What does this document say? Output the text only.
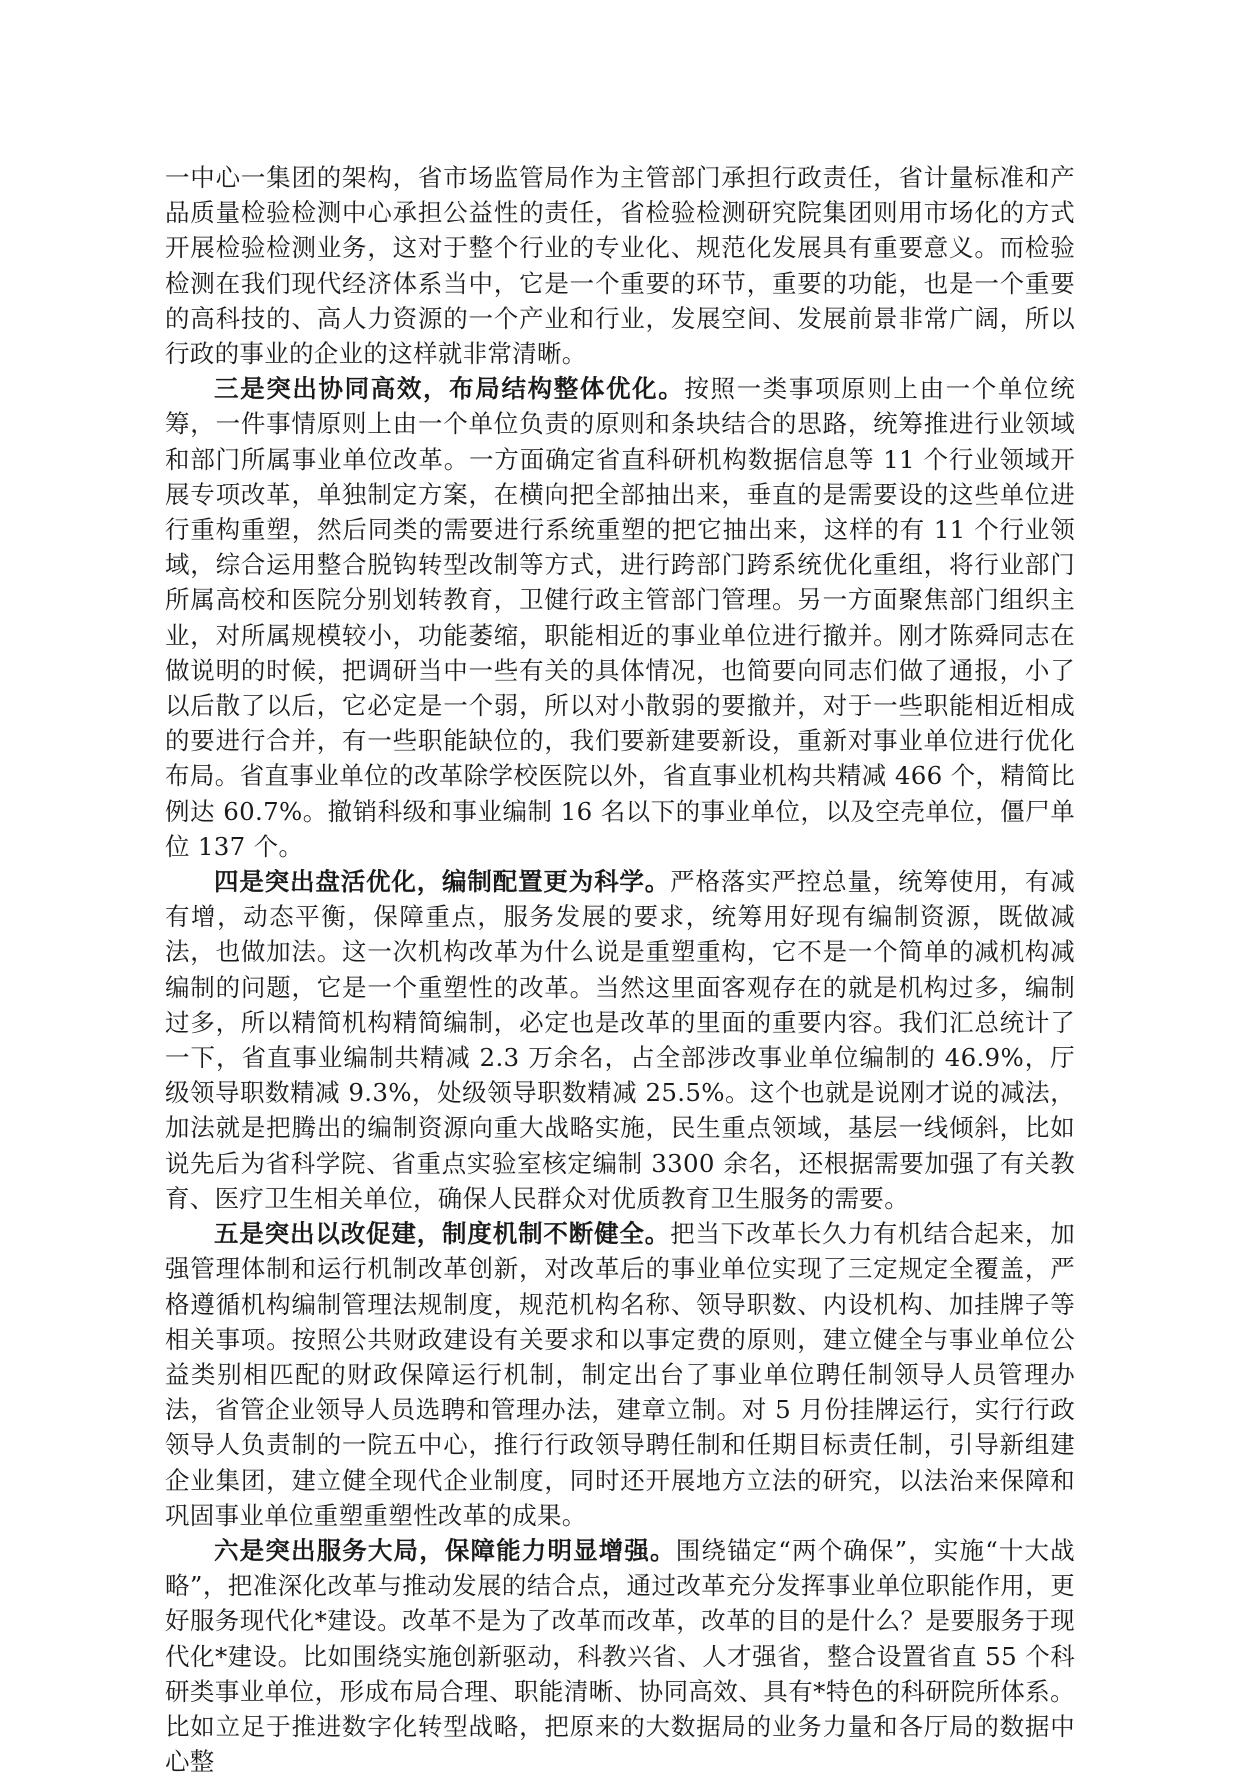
一中心一集团的架构，省市场监管局作为主管部门承担行政责任，省计量标准和产品质量检验检测中心承担公益性的责任，省检验检测研究院集团则用市场化的方式开展检验检测业务，这对于整个行业的专业化、规范化发展具有重要意义。而检验检测在我们现代经济体系当中，它是一个重要的环节，重要的功能，也是一个重要的高科技的、高人力资源的一个产业和行业，发展空间、发展前景非常广阔，所以行政的事业的企业的这样就非常清晰。

三是突出协同高效，布局结构整体优化。按照一类事项原则上由一个单位统筹，一件事情原则上由一个单位负责的原则和条块结合的思路，统筹推进行业领域和部门所属事业单位改革。一方面确定省直科研机构数据信息等 11 个行业领域开展专项改革，单独制定方案，在横向把全部抽出来，垂直的是需要设的这些单位进行重构重塑，然后同类的需要进行系统重塑的把它抽出来，这样的有 11 个行业领域，综合运用整合脱钩转型改制等方式，进行跨部门跨系统优化重组，将行业部门所属高校和医院分别划转教育，卫健行政主管部门管理。另一方面聚焦部门组织主业，对所属规模较小，功能萎缩，职能相近的事业单位进行撤并。刚才陈舜同志在做说明的时候，把调研当中一些有关的具体情况，也简要向同志们做了通报，小了以后散了以后，它必定是一个弱，所以对小散弱的要撤并，对于一些职能相近相成的要进行合并，有一些职能缺位的，我们要新建要新设，重新对事业单位进行优化布局。省直事业单位的改革除学校医院以外，省直事业机构共精减 466 个，精简比例达 60.7%。撤销科级和事业编制 16 名以下的事业单位，以及空壳单位，僵尸单位 137 个。

四是突出盘活优化，编制配置更为科学。严格落实严控总量，统筹使用，有减有增，动态平衡，保障重点，服务发展的要求，统筹用好现有编制资源，既做减法，也做加法。这一次机构改革为什么说是重塑重构，它不是一个简单的减机构减编制的问题，它是一个重塑性的改革。当然这里面客观存在的就是机构过多，编制过多，所以精简机构精简编制，必定也是改革的里面的重要内容。我们汇总统计了一下，省直事业编制共精减 2.3 万余名，占全部涉改事业单位编制的 46.9%，厅级领导职数精减 9.3%，处级领导职数精减 25.5%。这个也就是说刚才说的减法，加法就是把腾出的编制资源向重大战略实施，民生重点领域，基层一线倾斜，比如说先后为省科学院、省重点实验室核定编制 3300 余名，还根据需要加强了有关教育、医疗卫生相关单位，确保人民群众对优质教育卫生服务的需要。

五是突出以改促建，制度机制不断健全。把当下改革长久力有机结合起来，加强管理体制和运行机制改革创新，对改革后的事业单位实现了三定规定全覆盖，严格遵循机构编制管理法规制度，规范机构名称、领导职数、内设机构、加挂牌子等相关事项。按照公共财政建设有关要求和以事定费的原则，建立健全与事业单位公益类别相匹配的财政保障运行机制，制定出台了事业单位聘任制领导人员管理办法，省管企业领导人员选聘和管理办法，建章立制。对 5 月份挂牌运行，实行行政领导人负责制的一院五中心，推行行政领导聘任制和任期目标责任制，引导新组建企业集团，建立健全现代企业制度，同时还开展地方立法的研究，以法治来保障和巩固事业单位重塑重塑性改革的成果。

六是突出服务大局，保障能力明显增强。围绕锚定“两个确保”，实施“十大战略”，把准深化改革与推动发展的结合点，通过改革充分发挥事业单位职能作用，更好服务现代化*建设。改革不是为了改革而改革，改革的目的是什么？是要服务于现代化*建设。比如围绕实施创新驱动，科教兴省、人才强省，整合设置省直 55 个科研类事业单位，形成布局合理、职能清晰、协同高效、具有*特色的科研院所体系。比如立足于推进数字化转型战略，把原来的大数据局的业务力量和各厅局的数据中心整
